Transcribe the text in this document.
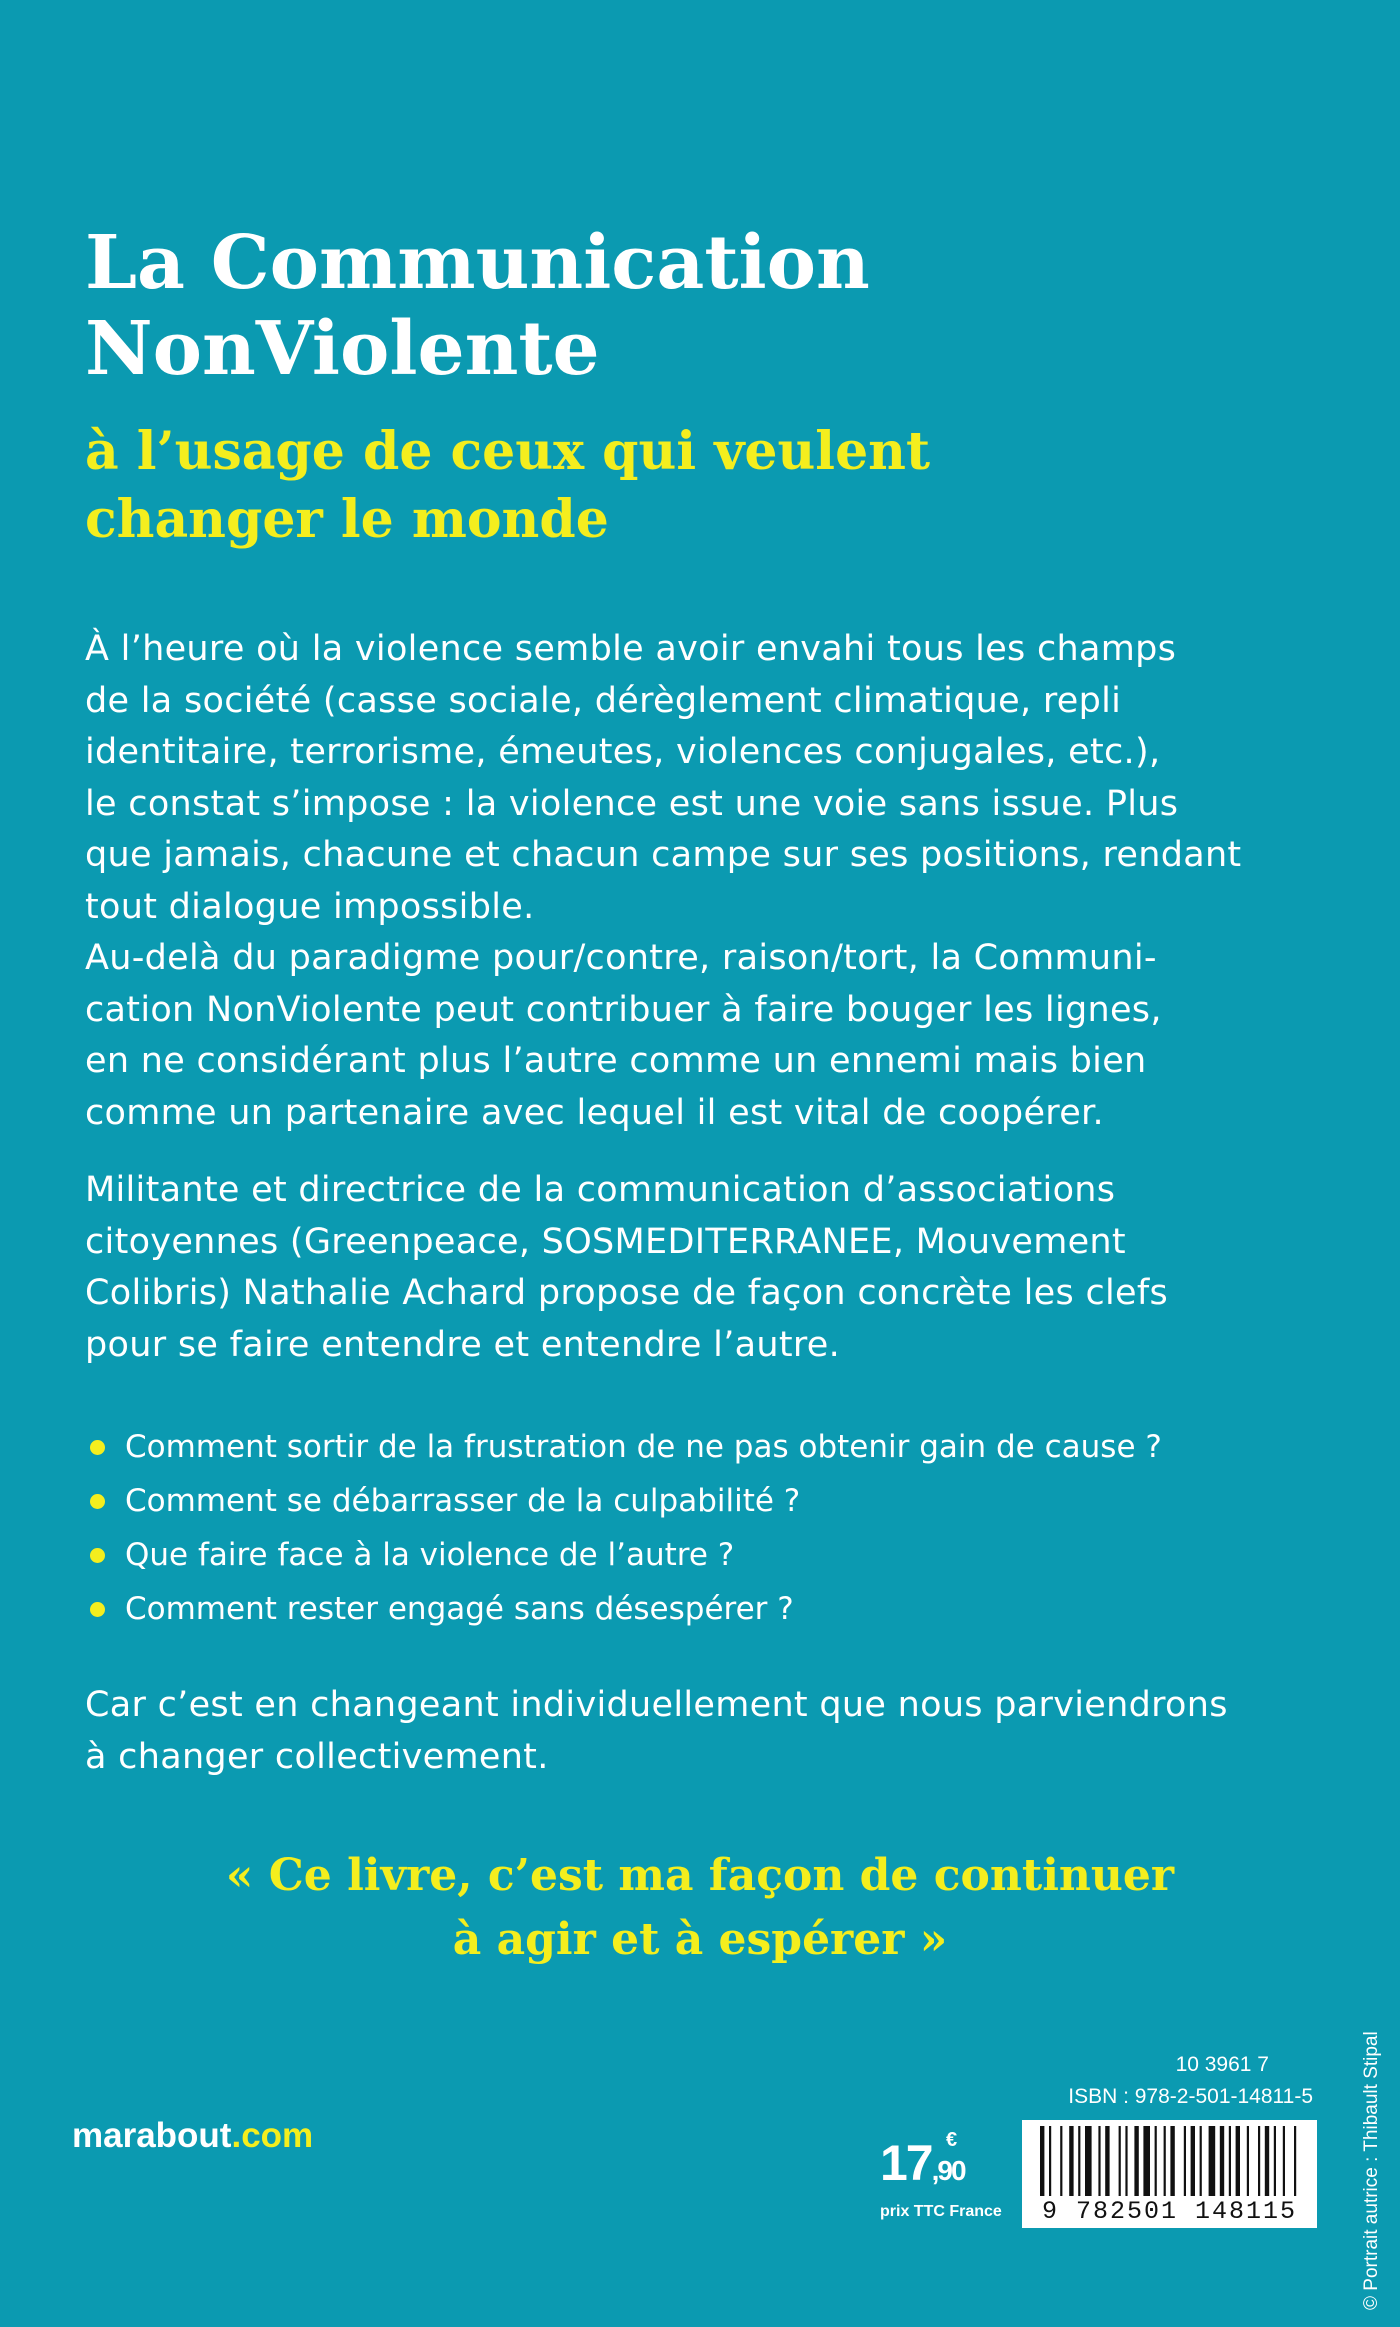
La Communication
NonViolente
à l’usage de ceux qui veulent
changer le monde

À l’heure où la violence semble avoir envahi tous les champs
de la société (casse sociale, dérèglement climatique, repli
identitaire, terrorisme, émeutes, violences conjugales, etc.),
le constat s’impose : la violence est une voie sans issue. Plus
que jamais, chacune et chacun campe sur ses positions, rendant
tout dialogue impossible.
Au-delà du paradigme pour/contre, raison/tort, la Communi-
cation NonViolente peut contribuer à faire bouger les lignes,
en ne considérant plus l’autre comme un ennemi mais bien
comme un partenaire avec lequel il est vital de coopérer.

Militante et directrice de la communication d’associations
citoyennes (Greenpeace, SOSMEDITERRANEE, Mouvement
Colibris) Nathalie Achard propose de façon concrète les clefs
pour se faire entendre et entendre l’autre.

Comment sortir de la frustration de ne pas obtenir gain de cause ?
Comment se débarrasser de la culpabilité ?
Que faire face à la violence de l’autre ?
Comment rester engagé sans désespérer ?

Car c’est en changeant individuellement que nous parviendrons
à changer collectivement.

« Ce livre, c’est ma façon de continuer
à agir et à espérer »

marabout.com	€
17,90
prix TTC France
10 3961 7
ISBN : 978-2-501-14811-5
9 782501 148115	© Portrait autrice : Thibault Stipal
